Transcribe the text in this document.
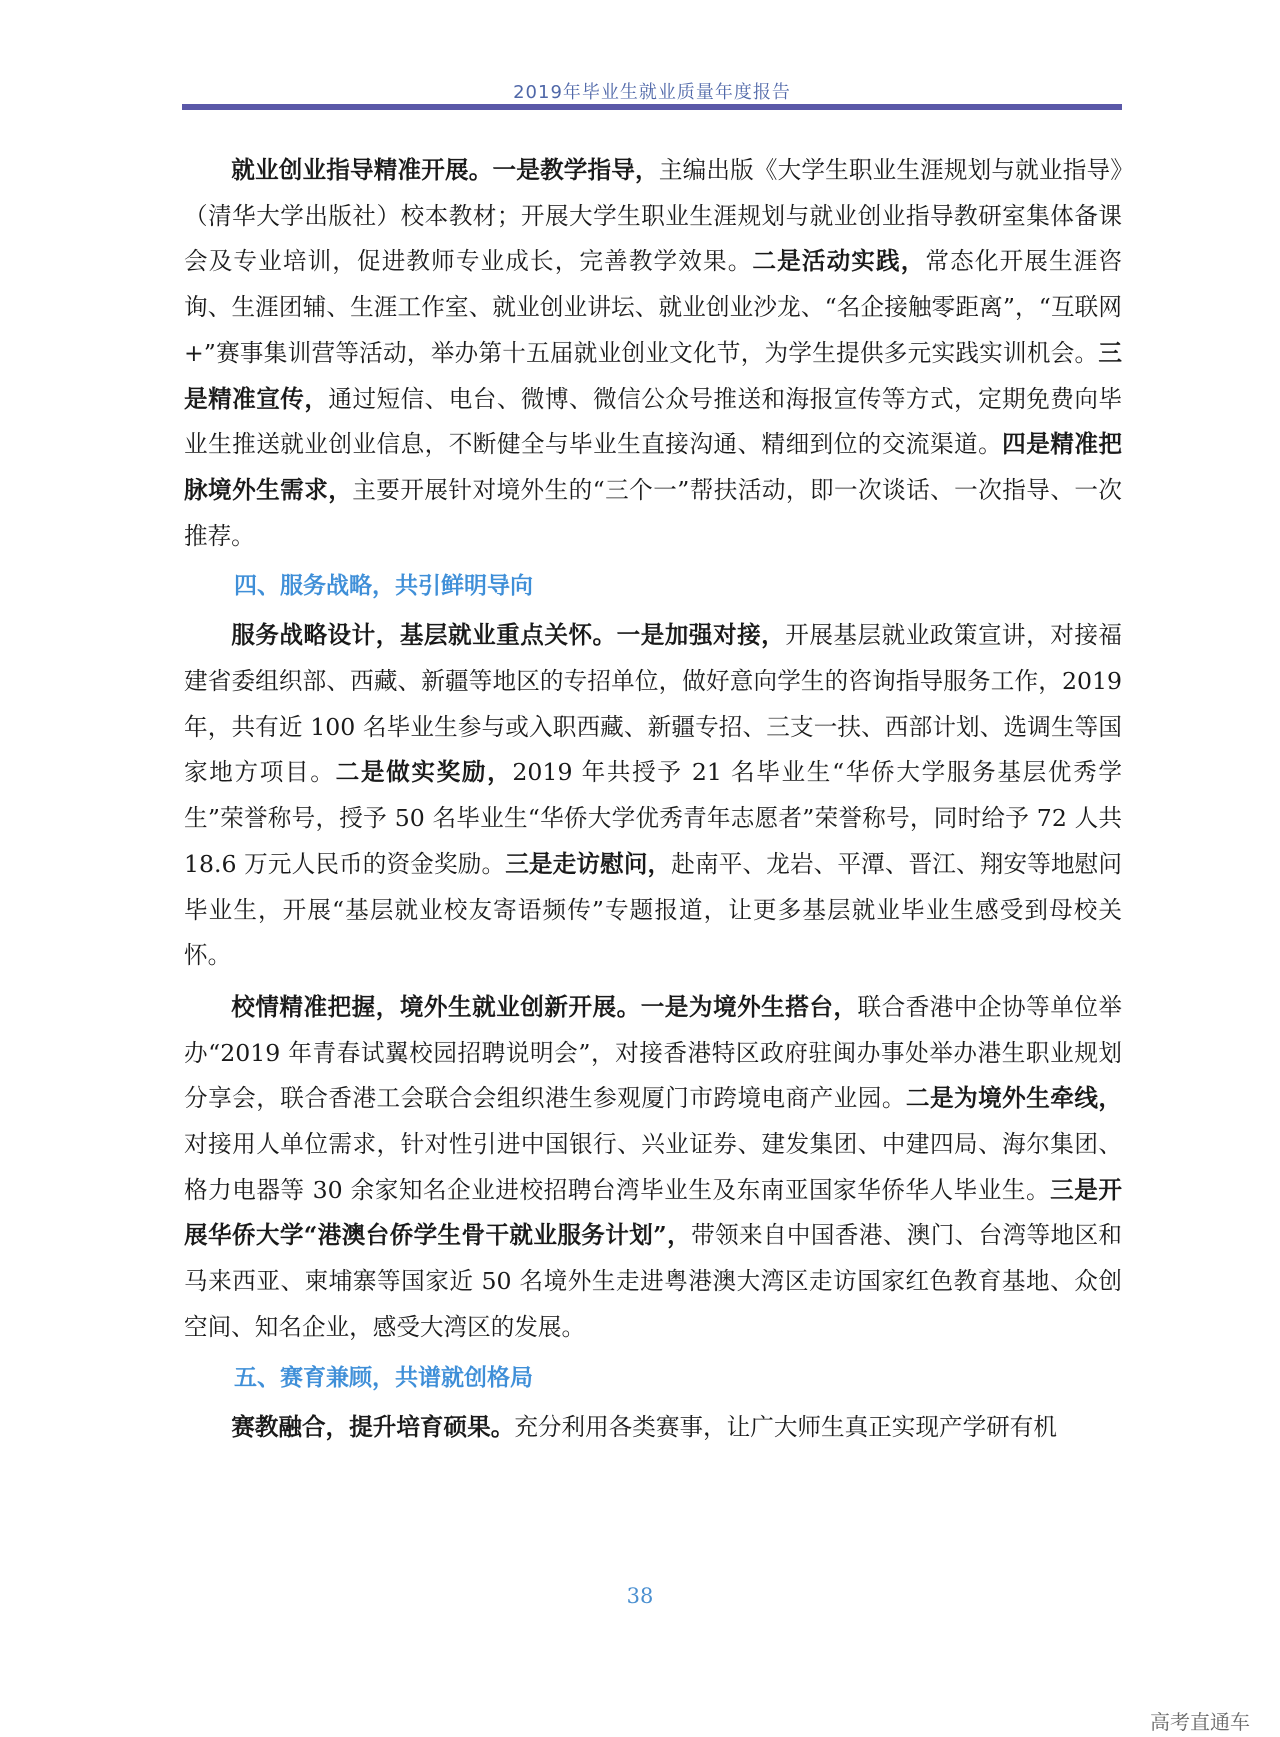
2019年毕业生就业质量年度报告

就业创业指导精准开展。一是教学指导，主编出版《大学生职业生涯规划与就业指导》（清华大学出版社）校本教材；开展大学生职业生涯规划与就业创业指导教研室集体备课会及专业培训，促进教师专业成长，完善教学效果。二是活动实践，常态化开展生涯咨询、生涯团辅、生涯工作室、就业创业讲坛、就业创业沙龙、“名企接触零距离”，“互联网+”赛事集训营等活动，举办第十五届就业创业文化节，为学生提供多元实践实训机会。三是精准宣传，通过短信、电台、微博、微信公众号推送和海报宣传等方式，定期免费向毕业生推送就业创业信息，不断健全与毕业生直接沟通、精细到位的交流渠道。四是精准把脉境外生需求，主要开展针对境外生的“三个一”帮扶活动，即一次谈话、一次指导、一次推荐。

四、服务战略，共引鲜明导向

服务战略设计，基层就业重点关怀。一是加强对接，开展基层就业政策宣讲，对接福建省委组织部、西藏、新疆等地区的专招单位，做好意向学生的咨询指导服务工作，2019 年，共有近 100 名毕业生参与或入职西藏、新疆专招、三支一扶、西部计划、选调生等国家地方项目。二是做实奖励，2019 年共授予 21 名毕业生“华侨大学服务基层优秀学生”荣誉称号，授予 50 名毕业生“华侨大学优秀青年志愿者”荣誉称号，同时给予 72 人共 18.6 万元人民币的资金奖励。三是走访慰问，赴南平、龙岩、平潭、晋江、翔安等地慰问毕业生，开展“基层就业校友寄语频传”专题报道，让更多基层就业毕业生感受到母校关怀。

校情精准把握，境外生就业创新开展。一是为境外生搭台，联合香港中企协等单位举办“2019 年青春试翼校园招聘说明会”，对接香港特区政府驻闽办事处举办港生职业规划分享会，联合香港工会联合会组织港生参观厦门市跨境电商产业园。二是为境外生牵线，对接用人单位需求，针对性引进中国银行、兴业证券、建发集团、中建四局、海尔集团、格力电器等 30 余家知名企业进校招聘台湾毕业生及东南亚国家华侨华人毕业生。三是开展华侨大学“港澳台侨学生骨干就业服务计划”，带领来自中国香港、澳门、台湾等地区和马来西亚、柬埔寨等国家近 50 名境外生走进粤港澳大湾区走访国家红色教育基地、众创空间、知名企业，感受大湾区的发展。

五、赛育兼顾，共谱就创格局

赛教融合，提升培育硕果。充分利用各类赛事，让广大师生真正实现产学研有机

38
高考直通车
